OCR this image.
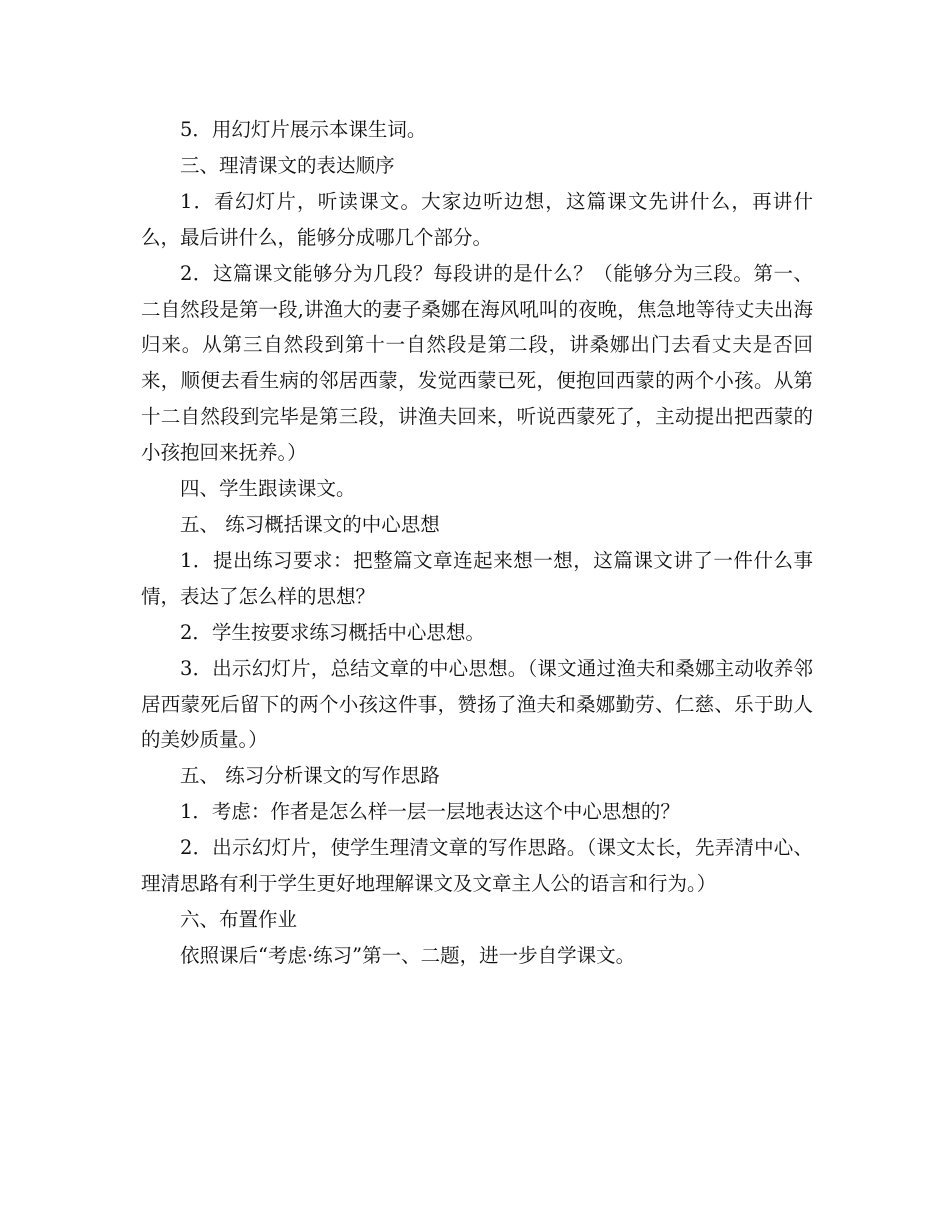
5．用幻灯片展示本课生词。

三、理清课文的表达顺序

1．看幻灯片，听读课文。大家边听边想，这篇课文先讲什么，再讲什么，最后讲什么，能够分成哪几个部分。

2．这篇课文能够分为几段？每段讲的是什么？（能够分为三段。第一、二自然段是第一段,讲渔大的妻子桑娜在海风吼叫的夜晚，焦急地等待丈夫出海归来。从第三自然段到第十一自然段是第二段，讲桑娜出门去看丈夫是否回来，顺便去看生病的邻居西蒙，发觉西蒙已死，便抱回西蒙的两个小孩。从第十二自然段到完毕是第三段，讲渔夫回来，听说西蒙死了，主动提出把西蒙的小孩抱回来抚养。）

四、学生跟读课文。

五、 练习概括课文的中心思想

1．提出练习要求：把整篇文章连起来想一想，这篇课文讲了一件什么事情，表达了怎么样的思想？

2．学生按要求练习概括中心思想。

3．出示幻灯片，总结文章的中心思想。（课文通过渔夫和桑娜主动收养邻居西蒙死后留下的两个小孩这件事，赞扬了渔夫和桑娜勤劳、仁慈、乐于助人的美妙质量。）

五、 练习分析课文的写作思路

1．考虑：作者是怎么样一层一层地表达这个中心思想的？

2．出示幻灯片，使学生理清文章的写作思路。（课文太长，先弄清中心、理清思路有利于学生更好地理解课文及文章主人公的语言和行为。）

六、布置作业

依照课后“考虑·练习”第一、二题，进一步自学课文。
